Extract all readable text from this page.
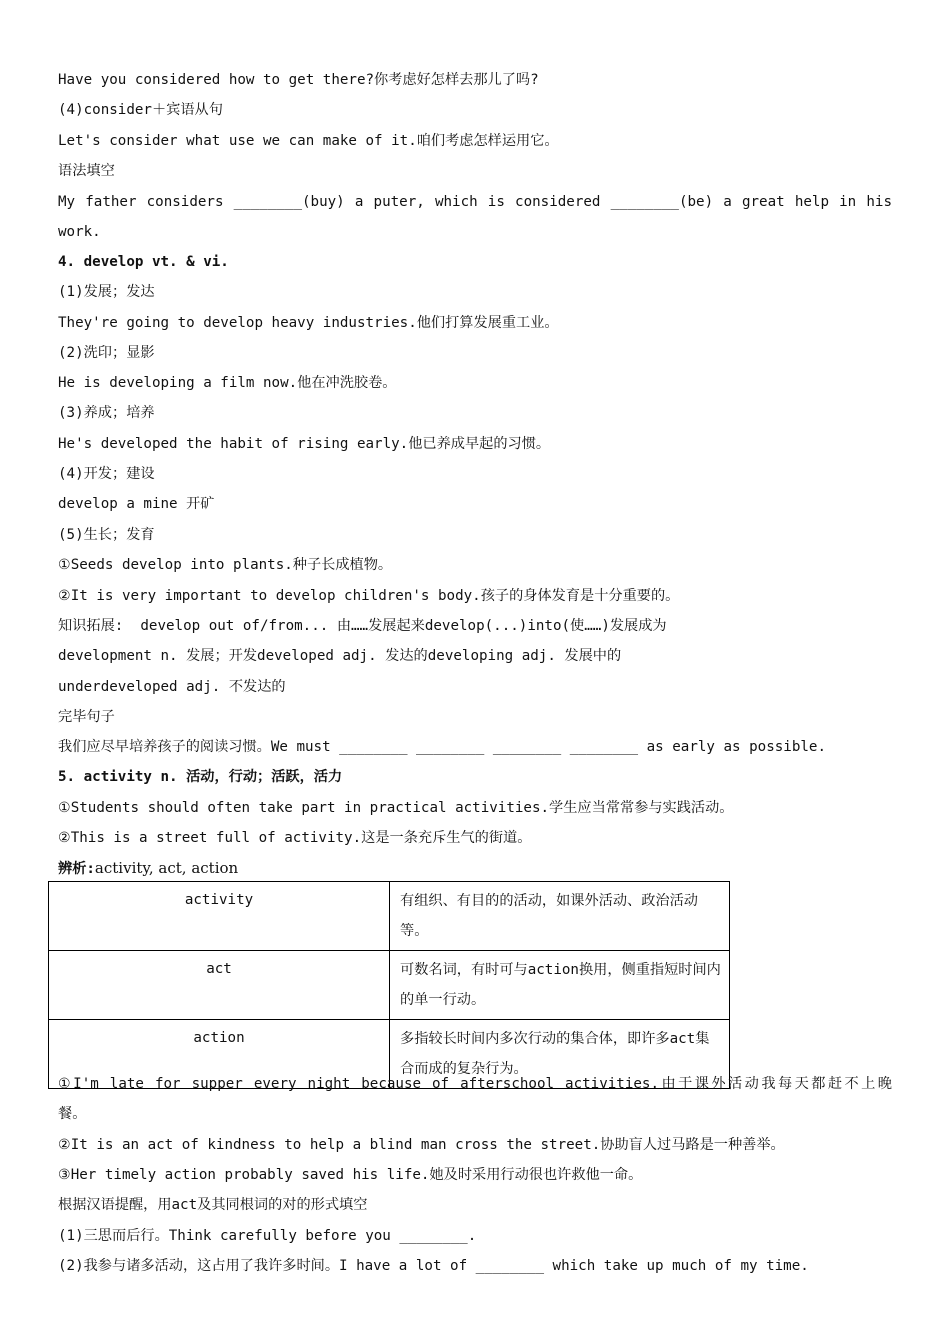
Have you considered how to get there?你考虑好怎样去那儿了吗?
(4)consider＋宾语从句
Let's consider what use we can make of it.咱们考虑怎样运用它。
语法填空
My father considers ________(buy) a puter, which is considered ________(be) a great help in his
work.
4. develop vt. & vi.
(1)发展；发达
They're going to develop heavy industries.他们打算发展重工业。
(2)洗印；显影
He is developing a film now.他在冲洗胶卷。
(3)养成；培养
He's developed the habit of rising early.他已养成早起的习惯。
(4)开发；建设
develop a mine 开矿
(5)生长；发育
①Seeds develop into plants.种子长成植物。
②It is very important to develop children's body.孩子的身体发育是十分重要的。
知识拓展:  develop out of/from... 由……发展起来develop(...)into(使……)发展成为
development n. 发展；开发developed adj. 发达的developing adj. 发展中的
underdeveloped adj. 不发达的
完毕句子
我们应尽早培养孩子的阅读习惯。We must ________ ________ ________ ________ as early as possible.
5. activity n. 活动，行动；活跃，活力
①Students should often take part in practical activities.学生应当常常参与实践活动。
②This is a street full of activity.这是一条充斥生气的街道。
辨析:activity, act, action
activity	有组织、有目的的活动，如课外活动、政治活动等。
act	可数名词，有时可与action换用，侧重指短时间内的单一行动。
action	多指较长时间内多次行动的集合体，即许多act集合而成的复杂行为。
①I'm late for supper every night because of afterschool activities.由于课外活动我每天都赶不上晚
餐。
②It is an act of kindness to help a blind man cross the street.协助盲人过马路是一种善举。
③Her timely action probably saved his life.她及时采用行动很也许救他一命。
根据汉语提醒，用act及其同根词的对的形式填空
(1)三思而后行。Think carefully before you ________.
(2)我参与诸多活动，这占用了我许多时间。I have a lot of ________ which take up much of my time.
